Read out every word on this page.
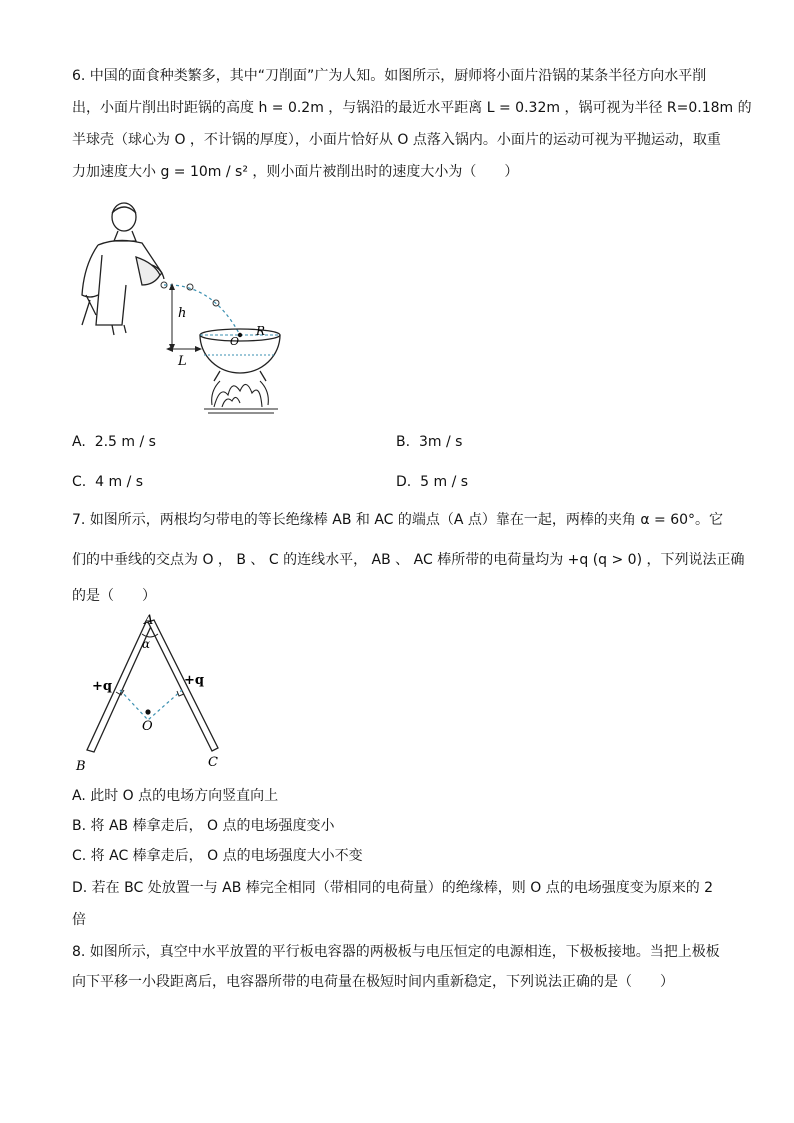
6. 中国的面食种类繁多，其中“刀削面”广为人知。如图所示，厨师将小面片沿锅的某条半径方向水平削
出，小面片削出时距锅的高度 h = 0.2m ，与锅沿的最近水平距离 L = 0.32m ，锅可视为半径 R=0.18m 的
半球壳（球心为 O ，不计锅的厚度），小面片恰好从 O 点落入锅内。小面片的运动可视为平抛运动，取重
力加速度大小 g = 10m / s² ，则小面片被削出时的速度大小为（　　）
h
L
O
R
A. 2.5 m / s	B. 3m / s
C. 4 m / s	D. 5 m / s
7. 如图所示，两根均匀带电的等长绝缘棒 AB 和 AC 的端点（A 点）靠在一起，两棒的夹角 α = 60°。它
们的中垂线的交点为 O ， B 、 C 的连线水平， AB 、 AC 棒所带的电荷量均为 +q (q > 0) ，下列说法正确
的是（　　）
α
O
A
+q	+q
B	C
A. 此时 O 点的电场方向竖直向上
B. 将 AB 棒拿走后， O 点的电场强度变小
C. 将 AC 棒拿走后， O 点的电场强度大小不变
D. 若在 BC 处放置一与 AB 棒完全相同（带相同的电荷量）的绝缘棒，则 O 点的电场强度变为原来的 2
倍
8. 如图所示，真空中水平放置的平行板电容器的两极板与电压恒定的电源相连，下极板接地。当把上极板
向下平移一小段距离后，电容器所带的电荷量在极短时间内重新稳定，下列说法正确的是（　　）
